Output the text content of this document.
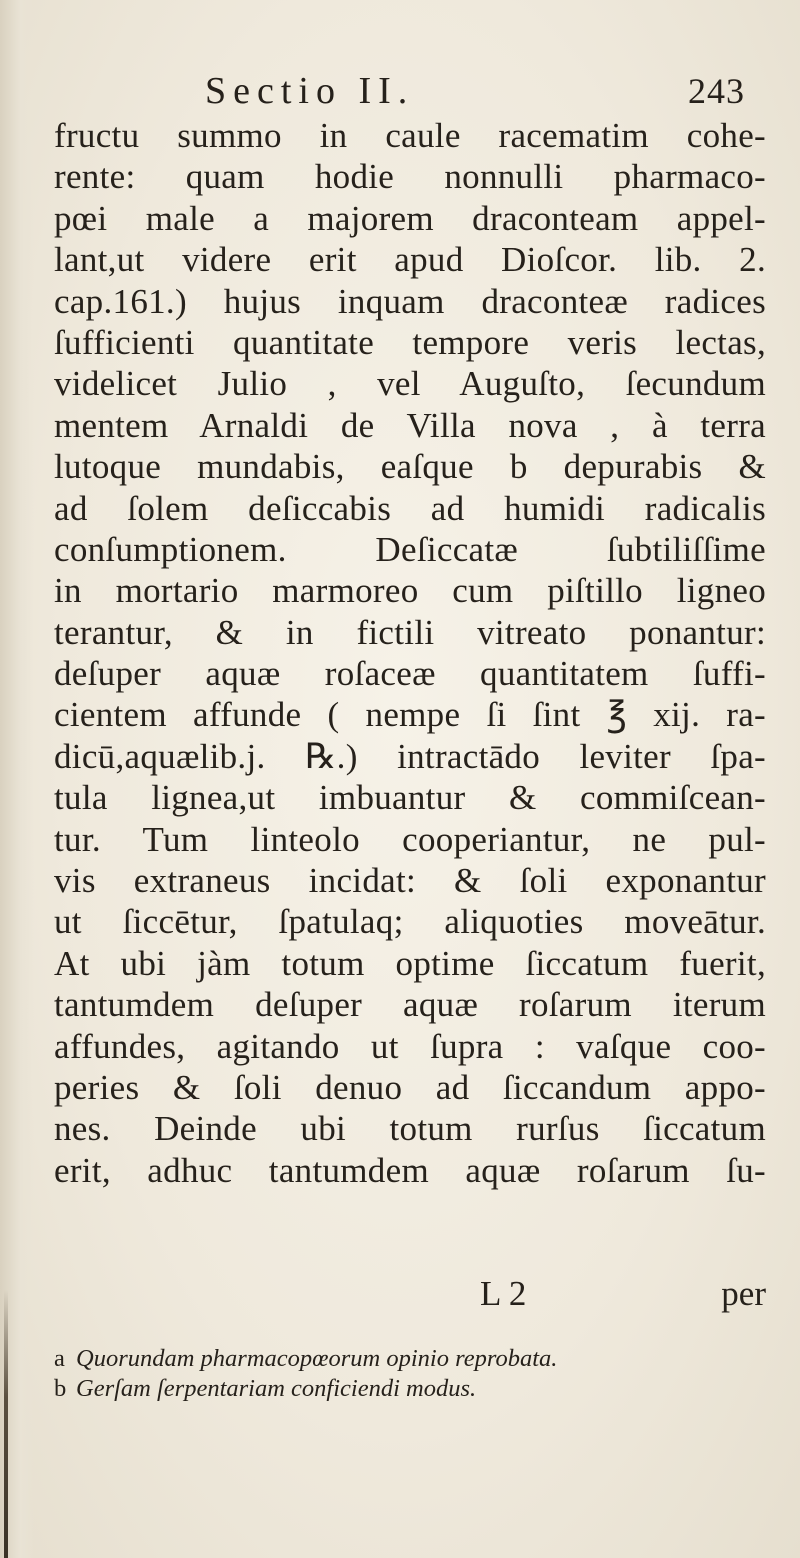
Sectio II.	243
fructu summo in caule racematim cohe-
rente: quam hodie nonnulli pharmaco-
pœi male a majorem draconteam appel-
lant,ut videre erit apud Dioſcor. lib. 2.
cap.161.) hujus inquam draconteæ radices
ſufficienti quantitate tempore veris lectas,
videlicet Julio , vel Auguſto, ſecundum
mentem Arnaldi de Villa nova , à terra
lutoque mundabis, eaſque b depurabis &
ad ſolem deſiccabis ad humidi radicalis
conſumptionem. Deſiccatæ ſubtiliſſime
in mortario marmoreo cum piſtillo ligneo
terantur, & in fictili vitreato ponantur:
deſuper aquæ roſaceæ quantitatem ſuffi-
cientem affunde ( nempe ſi ſint ℥ xij. ra-
dicū,aquælib.j. ℞.) intractādo leviter ſpa-
tula lignea,ut imbuantur & commiſcean-
tur. Tum linteolo cooperiantur, ne pul-
vis extraneus incidat: & ſoli exponantur
ut ſiccētur, ſpatulaq; aliquoties moveātur.
At ubi jàm totum optime ſiccatum fuerit,
tantumdem deſuper aquæ roſarum iterum
affundes, agitando ut ſupra : vaſque coo-
peries & ſoli denuo ad ſiccandum appo-
nes. Deinde ubi totum rurſus ſiccatum
erit, adhuc tantumdem aquæ roſarum ſu-
L 2	per
a Quorundam pharmacopœorum opinio reprobata.
b Gerſam ſerpentariam conficiendi modus.
